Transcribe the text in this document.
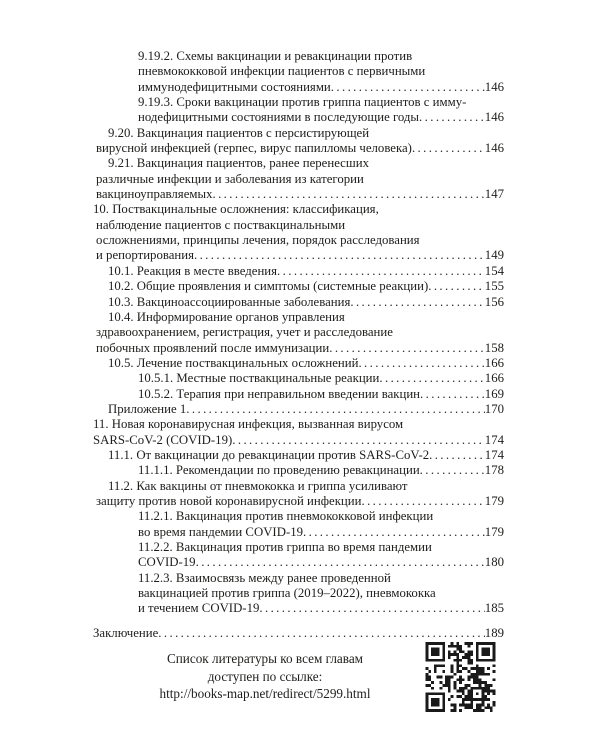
9.19.2. Схемы вакцинации и ревакцинации против
пневмококковой инфекции пациентов с первичными
иммунодефицитными состояниями .....	146
9.19.3. Сроки вакцинации против гриппа пациентов с имму-
нодефицитными состояниями в последующие годы .....	146
9.20. Вакцинация пациентов с персистирующей
вирусной инфекцией (герпес, вирус папилломы человека) .....	146
9.21. Вакцинация пациентов, ранее перенесших
различные инфекции и заболевания из категории
вакциноуправляемых .....	147
10. Поствакцинальные осложнения: классификация,
наблюдение пациентов с поствакцинальными
осложнениями, принципы лечения, порядок расследования
и репортирования .....	149
10.1. Реакция в месте введения .....	154
10.2. Общие проявления и симптомы (системные реакции) .....	155
10.3. Вакциноассоциированные заболевания .....	156
10.4. Информирование органов управления
здравоохранением, регистрация, учет и расследование
побочных проявлений после иммунизации .....	158
10.5. Лечение поствакцинальных осложнений .....	166
10.5.1. Местные поствакцинальные реакции .....	166
10.5.2. Терапия при неправильном введении вакцин .....	169
Приложение 1 .....	170
11. Новая коронавирусная инфекция, вызванная вирусом
SARS-CoV-2 (COVID-19) .....	174
11.1. От вакцинации до ревакцинации против SARS-CoV-2 .....	174
11.1.1. Рекомендации по проведению ревакцинации .....	178
11.2. Как вакцины от пневмококка и гриппа усиливают
защиту против новой коронавирусной инфекции .....	179
11.2.1. Вакцинация против пневмококковой инфекции
во время пандемии COVID-19 .....	179
11.2.2. Вакцинация против гриппа во время пандемии
COVID-19 .....	180
11.2.3. Взаимосвязь между ранее проведенной
вакцинацией против гриппа (2019–2022), пневмококка
и течением COVID-19 .....	185
Заключение .....	189
Список литературы ко всем главам
доступен по ссылке:
http://books-map.net/redirect/5299.html
